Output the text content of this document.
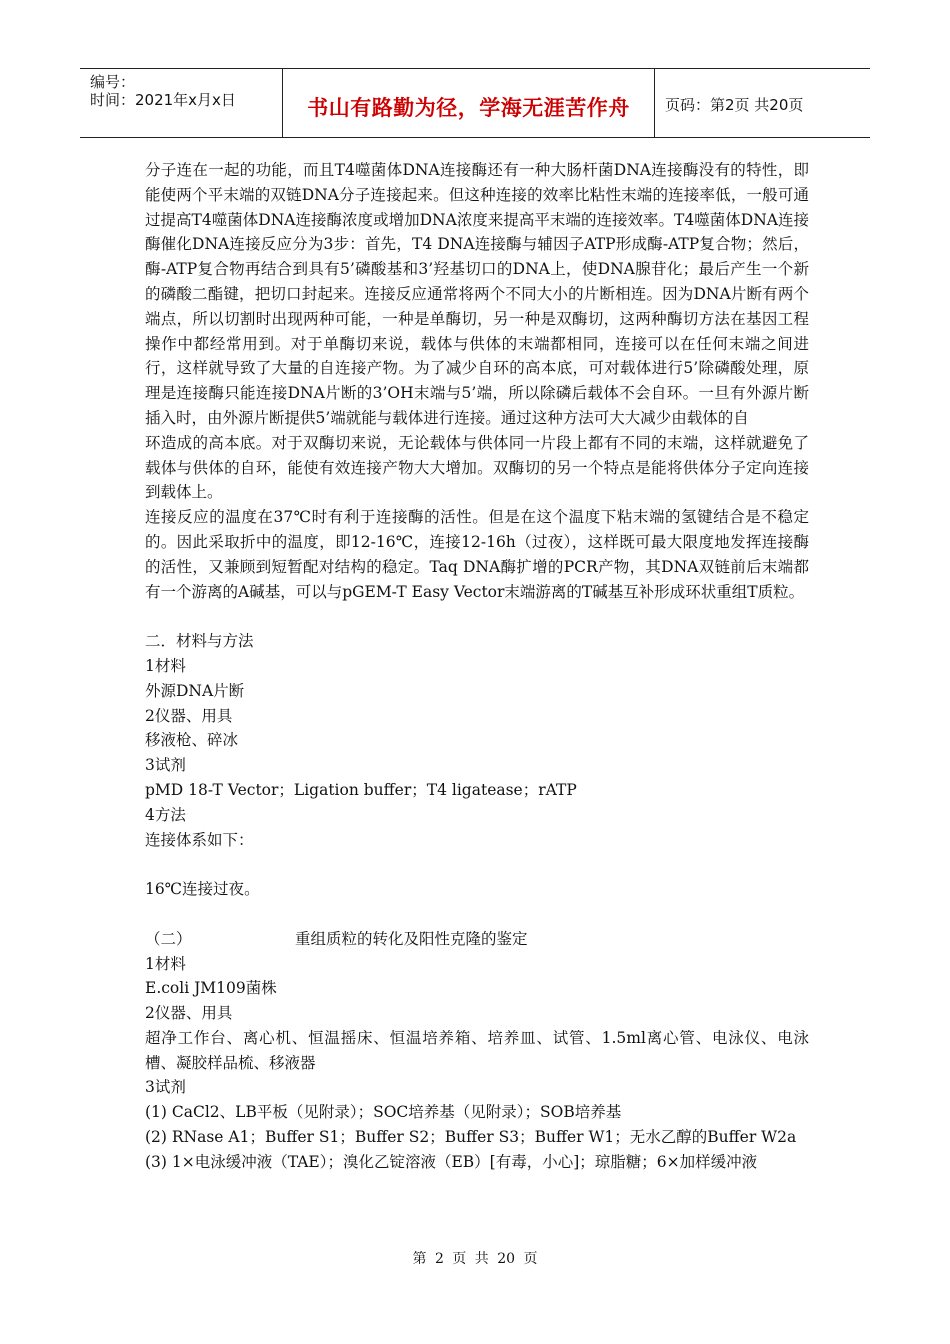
编号：
时间：2021年x月x日	书山有路勤为径，学海无涯苦作舟	页码：第2页 共20页

分子连在一起的功能，而且T4噬菌体DNA连接酶还有一种大肠杆菌DNA连接酶没有的特性，即能使两个平末端的双链DNA分子连接起来。但这种连接的效率比粘性末端的连接率低，一般可通过提高T4噬菌体DNA连接酶浓度或增加DNA浓度来提高平末端的连接效率。T4噬菌体DNA连接酶催化DNA连接反应分为3步：首先，T4 DNA连接酶与辅因子ATP形成酶-ATP复合物；然后，酶-ATP复合物再结合到具有5’磷酸基和3’羟基切口的DNA上，使DNA腺苷化；最后产生一个新的磷酸二酯键，把切口封起来。连接反应通常将两个不同大小的片断相连。因为DNA片断有两个端点，所以切割时出现两种可能，一种是单酶切，另一种是双酶切，这两种酶切方法在基因工程操作中都经常用到。对于单酶切来说，载体与供体的末端都相同，连接可以在任何末端之间进行，这样就导致了大量的自连接产物。为了减少自环的高本底，可对载体进行5’除磷酸处理，原理是连接酶只能连接DNA片断的3’OH末端与5’端，所以除磷后载体不会自环。一旦有外源片断插入时，由外源片断提供5’端就能与载体进行连接。通过这种方法可大大减少由载体的自

环造成的高本底。对于双酶切来说，无论载体与供体同一片段上都有不同的末端，这样就避免了载体与供体的自环，能使有效连接产物大大增加。双酶切的另一个特点是能将供体分子定向连接到载体上。

连接反应的温度在37℃时有利于连接酶的活性。但是在这个温度下粘末端的氢键结合是不稳定的。因此采取折中的温度，即12-16℃，连接12-16h（过夜），这样既可最大限度地发挥连接酶的活性，又兼顾到短暂配对结构的稳定。Taq DNA酶扩增的PCR产物，其DNA双链前后末端都有一个游离的A碱基，可以与pGEM-T Easy Vector末端游离的T碱基互补形成环状重组T质粒。

二．材料与方法

1材料

外源DNA片断

2仪器、用具

移液枪、碎冰

3试剂

pMD 18-T Vector；Ligation buffer；T4 ligatease；rATP

4方法

连接体系如下：

16℃连接过夜。

（二）	重组质粒的转化及阳性克隆的鉴定

1材料

E.coli JM109菌株

2仪器、用具

超净工作台、离心机、恒温摇床、恒温培养箱、培养皿、试管、1.5ml离心管、电泳仪、电泳槽、凝胶样品梳、移液器

3试剂

(1) CaCl2、LB平板（见附录）；SOC培养基（见附录）；SOB培养基

(2) RNase A1；Buffer S1；Buffer S2；Buffer S3；Buffer W1；无水乙醇的Buffer W2a

(3) 1×电泳缓冲液（TAE）；溴化乙锭溶液（EB）[有毒，小心]；琼脂糖；6×加样缓冲液

第 2 页 共 20 页
